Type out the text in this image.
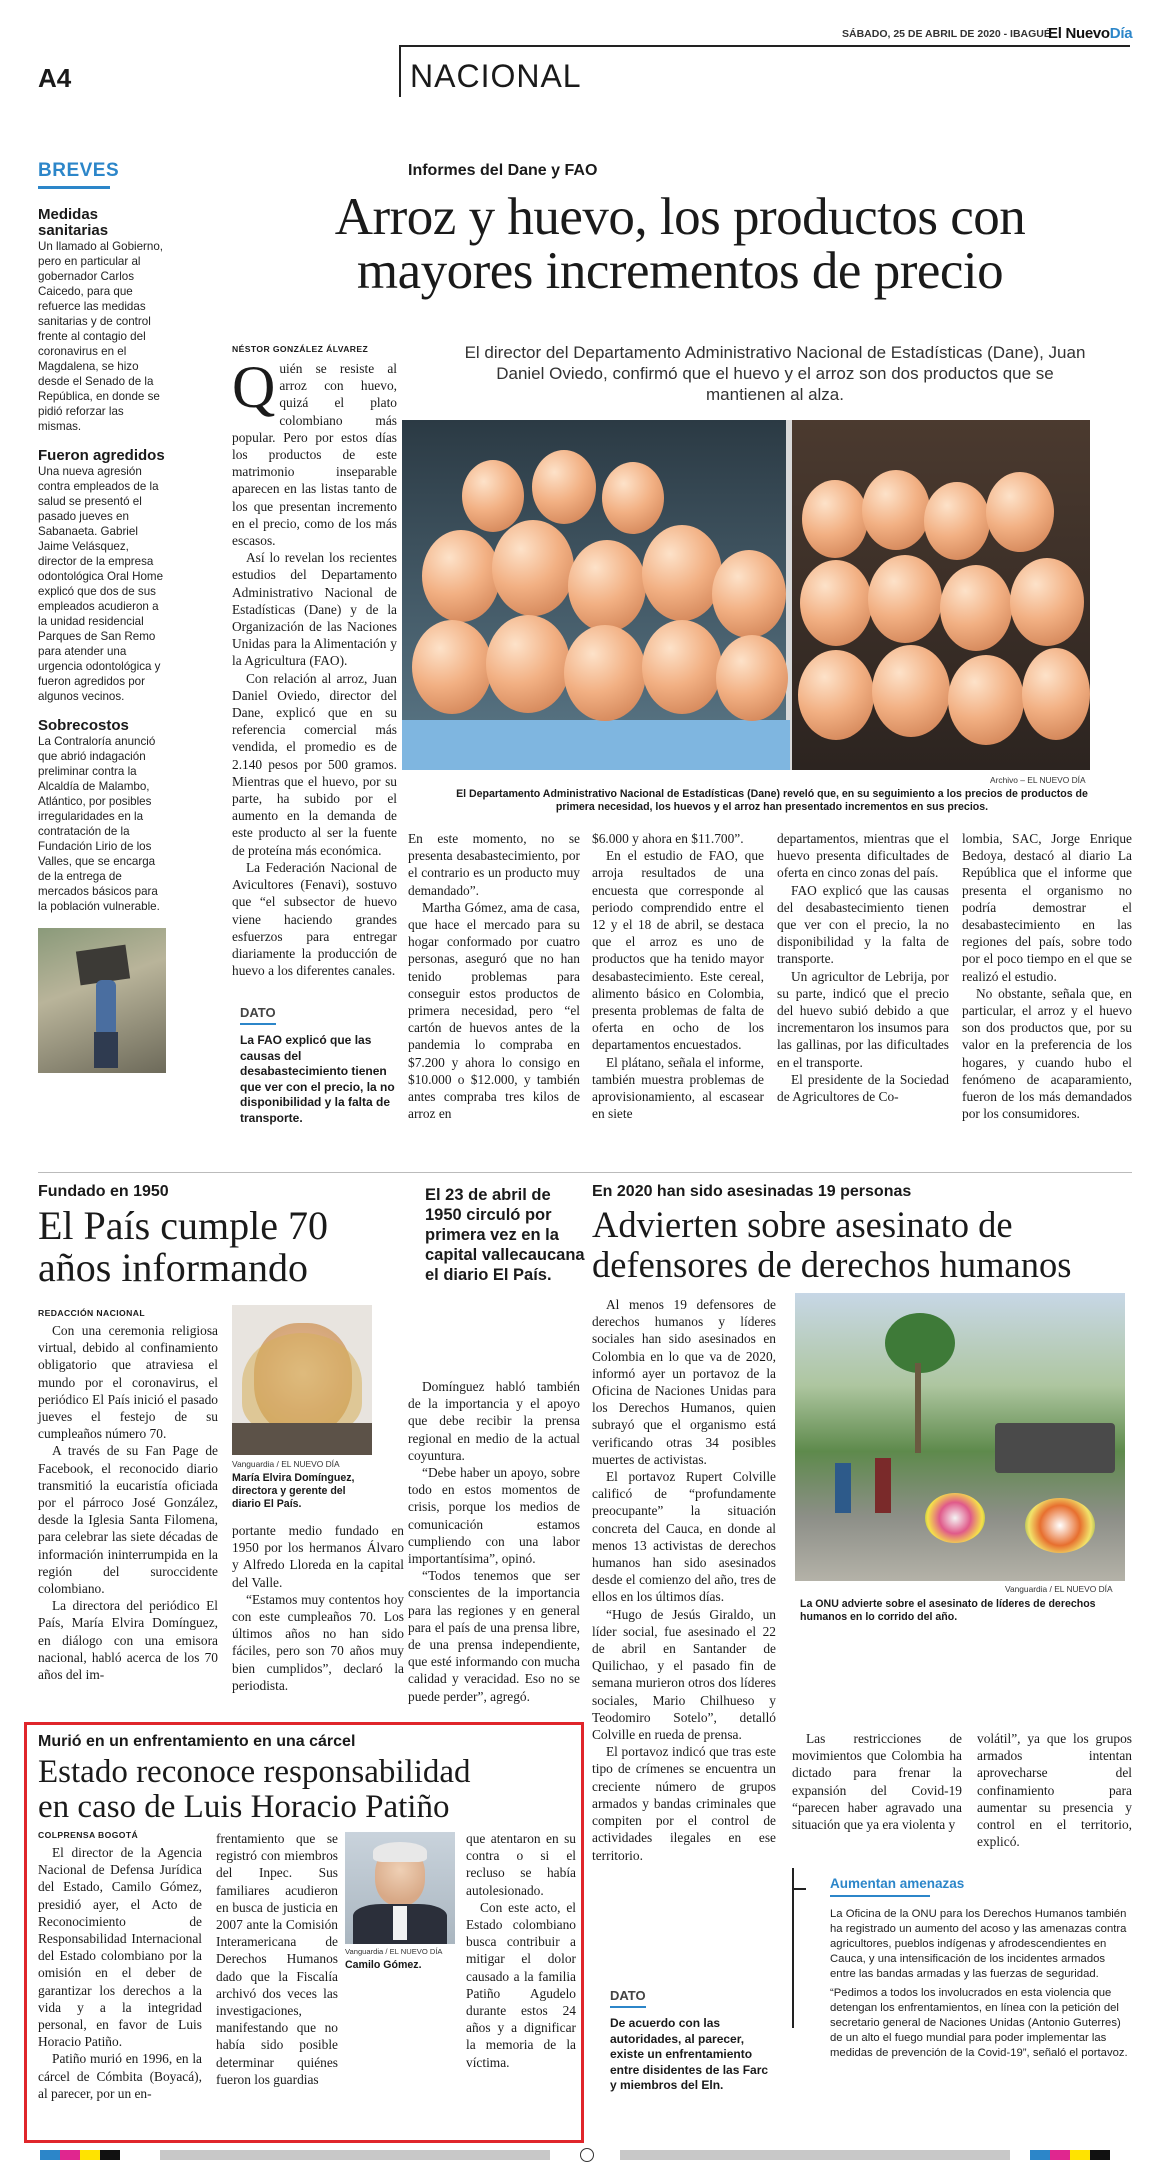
SÁBADO, 25 DE ABRIL DE 2020 - IBAGUÉ
El NuevoDía
A4	NACIONAL
BREVES
Medidas sanitarias
Un llamado al Gobierno, pero en particular al gobernador Carlos Caicedo, para que refuerce las medidas sanitarias y de control frente al contagio del coronavirus en el Magdalena, se hizo desde el Senado de la República, en donde se pidió reforzar las mismas.
Fueron agredidos
Una nueva agresión contra empleados de la salud se presentó el pasado jueves en Sabanaeta. Gabriel Jaime Velásquez, director de la empresa odontológica Oral Home explicó que dos de sus empleados acudieron a la unidad residencial Parques de San Remo para atender una urgencia odontológica y fueron agredidos por algunos vecinos.
Sobrecostos
La Contraloría anunció que abrió indagación preliminar contra la Alcaldía de Malambo, Atlántico, por posibles irregularidades en la contratación de la Fundación Lirio de los Valles, que se encarga de la entrega de mercados básicos para la población vulnerable.
Informes del Dane y FAO
Arroz y huevo, los productos con
mayores incrementos de precio
NÉSTOR GONZÁLEZ ÁLVAREZ

Quién se resiste al arroz con huevo, quizá el plato colombiano más popular. Pero por estos días los productos de este matrimonio inseparable aparecen en las listas tanto de los que presentan incremento en el precio, como de los más escasos.

Así lo revelan los recientes estudios del Departamento Administrativo Nacional de Estadísticas (Dane) y de la Organización de las Naciones Unidas para la Alimentación y la Agricultura (FAO).

Con relación al arroz, Juan Daniel Oviedo, director del Dane, explicó que en su referencia comercial más vendida, el promedio es de 2.140 pesos por 500 gramos. Mientras que el huevo, por su parte, ha subido por el aumento en la demanda de este producto al ser la fuente de proteína más económica.

La Federación Nacional de Avicultores (Fenavi), sostuvo que “el subsector de huevo viene haciendo grandes esfuerzos para entregar diariamente la producción de huevo a los diferentes canales.

El director del Departamento Administrativo Nacional de Estadísticas (Dane), Juan Daniel Oviedo, confirmó que el huevo y el arroz son dos productos que se mantienen al alza.
Archivo – EL NUEVO DÍA
El Departamento Administrativo Nacional de Estadísticas (Dane) reveló que, en su seguimiento a los precios de productos de primera necesidad, los huevos y el arroz han presentado incrementos en sus precios.

En este momento, no se presenta desabastecimiento, por el contrario es un producto muy demandado”.

Martha Gómez, ama de casa, que hace el mercado para su hogar conformado por cuatro personas, aseguró que no han tenido problemas para conseguir estos productos de primera necesidad, pero “el cartón de huevos antes de la pandemia lo compraba en $7.200 y ahora lo consigo en $10.000 o $12.000, y también antes compraba tres kilos de arroz en

$6.000 y ahora en $11.700”.

En el estudio de FAO, que arroja resultados de una encuesta que corresponde al periodo comprendido entre el 12 y el 18 de abril, se destaca que el arroz es uno de productos que ha tenido mayor desabastecimiento. Este cereal, alimento básico en Colombia, presenta problemas de falta de oferta en ocho de los departamentos encuestados.

El plátano, señala el informe, también muestra problemas de aprovisionamiento, al escasear en siete

departamentos, mientras que el huevo presenta dificultades de oferta en cinco zonas del país.

FAO explicó que las causas del desabastecimiento tienen que ver con el precio, la no disponibilidad y la falta de transporte.

Un agricultor de Lebrija, por su parte, indicó que el precio del huevo subió debido a que incrementaron los insumos para las gallinas, por las dificultades en el transporte.

El presidente de la Sociedad de Agricultores de Co-

lombia, SAC, Jorge Enrique Bedoya, destacó al diario La República que el informe que presenta el organismo no podría demostrar el desabastecimiento en las regiones del país, sobre todo por el poco tiempo en el que se realizó el estudio.

No obstante, señala que, en particular, el arroz y el huevo son dos productos que, por su valor en la preferencia de los hogares, y cuando hubo el fenómeno de acaparamiento, fueron de los más demandados por los consumidores.

DATO
La FAO explicó que las causas del desabastecimiento tienen que ver con el precio, la no disponibilidad y la falta de transporte.
Fundado en 1950
El País cumple 70
años informando
REDACCIÓN NACIONAL

Con una ceremonia religiosa virtual, debido al confinamiento obligatorio que atraviesa el mundo por el coronavirus, el periódico El País inició el pasado jueves el festejo de su cumpleaños número 70.

A través de su Fan Page de Facebook, el reconocido diario transmitió la eucaristía oficiada por el párroco José González, desde la Iglesia Santa Filomena, para celebrar las siete décadas de información ininterrumpida en la región del suroccidente colombiano.

La directora del periódico El País, María Elvira Domínguez, en diálogo con una emisora nacional, habló acerca de los 70 años del im-

Vanguardia / EL NUEVO DÍA
María Elvira Domínguez, directora y gerente del diario El País.

portante medio fundado en 1950 por los hermanos Álvaro y Alfredo Lloreda en la capital del Valle.

“Estamos muy contentos hoy con este cumpleaños 70. Los últimos años no han sido fáciles, pero son 70 años muy bien cumplidos”, declaró la periodista.

El 23 de abril de 1950 circuló por primera vez en la capital vallecaucana el diario El País.

Domínguez habló también de la importancia y el apoyo que debe recibir la prensa regional en medio de la actual coyuntura.

“Debe haber un apoyo, sobre todo en estos momentos de crisis, porque los medios de comunicación estamos cumpliendo con una labor importantísima”, opinó.

“Todos tenemos que ser conscientes de la importancia para las regiones y en general para el país de una prensa libre, de una prensa independiente, que esté informando con mucha calidad y veracidad. Eso no se puede perder”, agregó.

En 2020 han sido asesinadas 19 personas
Advierten sobre asesinato de
defensores de derechos humanos

Al menos 19 defensores de derechos humanos y líderes sociales han sido asesinados en Colombia en lo que va de 2020, informó ayer un portavoz de la Oficina de Naciones Unidas para los Derechos Humanos, quien subrayó que el organismo está verificando otras 34 posibles muertes de activistas.

El portavoz Rupert Colville calificó de “profundamente preocupante” la situación concreta del Cauca, en donde al menos 13 activistas de derechos humanos han sido asesinados desde el comienzo del año, tres de ellos en los últimos días.

“Hugo de Jesús Giraldo, un líder social, fue asesinado el 22 de abril en Santander de Quilichao, y el pasado fin de semana murieron otros dos líderes sociales, Mario Chilhueso y Teodomiro Sotelo”, detalló Colville en rueda de prensa.

El portavoz indicó que tras este tipo de crímenes se encuentra un creciente número de grupos armados y bandas criminales que compiten por el control de actividades ilegales en ese territorio.

Vanguardia / EL NUEVO DÍA
La ONU advierte sobre el asesinato de líderes de derechos humanos en lo corrido del año.

Las restricciones de movimientos que Colombia ha dictado para frenar la expansión del Covid-19 “parecen haber agravado una situación que ya era violenta y

volátil”, ya que los grupos armados intentan aprovecharse del confinamiento para aumentar su presencia y control en el territorio, explicó.

Aumentan amenazas

La Oficina de la ONU para los Derechos Humanos también ha registrado un aumento del acoso y las amenazas contra agricultores, pueblos indígenas y afrodescendientes en Cauca, y una intensificación de los incidentes armados entre las bandas armadas y las fuerzas de seguridad.

“Pedimos a todos los involucrados en esta violencia que detengan los enfrentamientos, en línea con la petición del secretario general de Naciones Unidas (Antonio Guterres) de un alto el fuego mundial para poder implementar las medidas de prevención de la Covid-19”, señaló el portavoz.

DATO
De acuerdo con las autoridades, al parecer, existe un enfrentamiento entre disidentes de las Farc y miembros del Eln.
Murió en un enfrentamiento en una cárcel
Estado reconoce responsabilidad
en caso de Luis Horacio Patiño
COLPRENSA BOGOTÁ

El director de la Agencia Nacional de Defensa Jurídica del Estado, Camilo Gómez, presidió ayer, el Acto de Reconocimiento de Responsabilidad Internacional del Estado colombiano por la omisión en el deber de garantizar los derechos a la vida y a la integridad personal, en favor de Luis Horacio Patiño.

Patiño murió en 1996, en la cárcel de Cómbita (Boyacá), al parecer, por un en-

frentamiento que se registró con miembros del Inpec. Sus familiares acudieron en busca de justicia en 2007 ante la Comisión Interamericana de Derechos Humanos dado que la Fiscalía archivó dos veces las investigaciones, manifestando que no había sido posible determinar quiénes fueron los guardias

Vanguardia / EL NUEVO DÍA
Camilo Gómez.

que atentaron en su contra o si el recluso se había autolesionado.

Con este acto, el Estado colombiano busca contribuir a mitigar el dolor causado a la familia Patiño Agudelo durante estos 24 años y a dignificar la memoria de la víctima.
